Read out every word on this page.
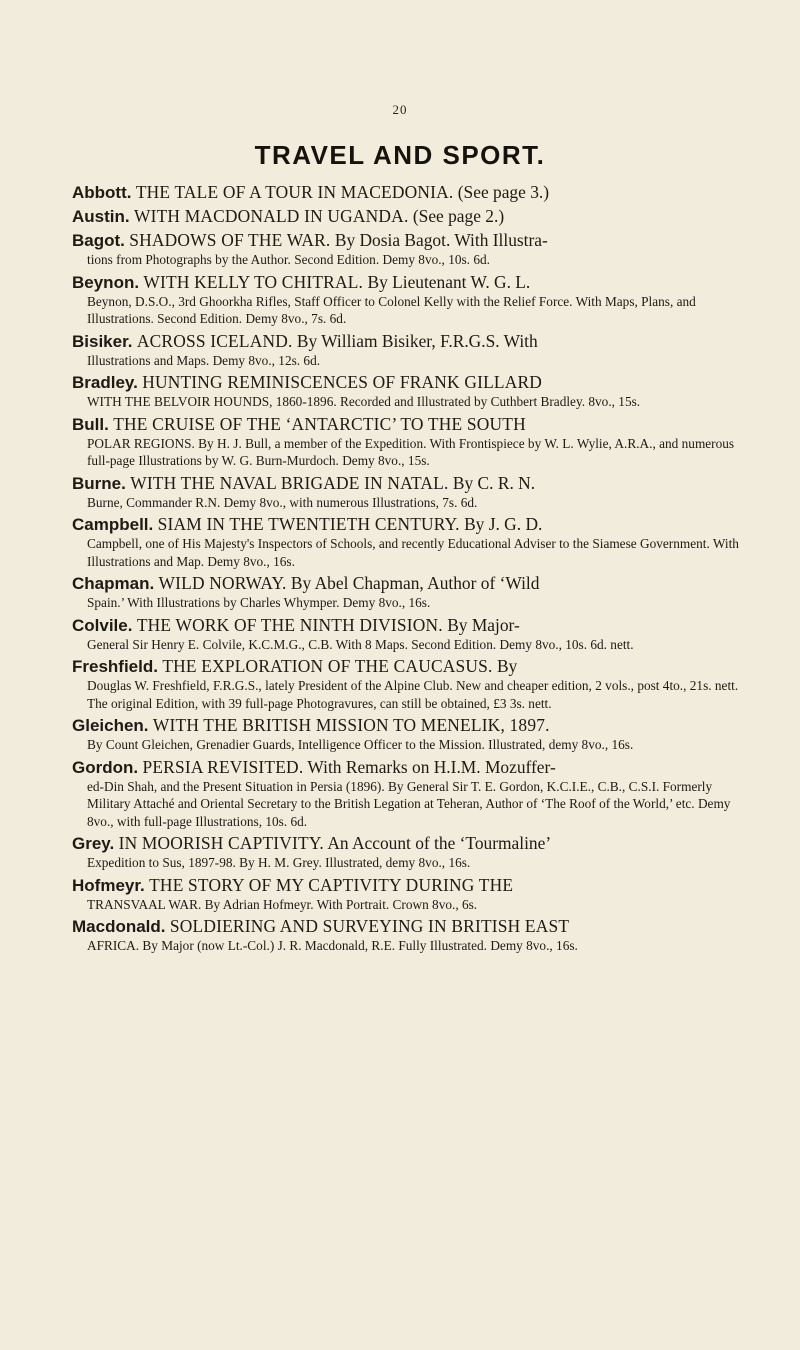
20
TRAVEL AND SPORT.
Abbott. THE TALE OF A TOUR IN MACEDONIA. (See page 3.)
Austin. WITH MACDONALD IN UGANDA. (See page 2.)
Bagot. SHADOWS OF THE WAR. By Dosia Bagot. With Illustra-
tions from Photographs by the Author. Second Edition. Demy 8vo., 10s. 6d.
Beynon. WITH KELLY TO CHITRAL. By Lieutenant W. G. L.
Beynon, D.S.O., 3rd Ghoorkha Rifles, Staff Officer to Colonel Kelly with the Relief Force. With Maps, Plans, and Illustrations. Second Edition. Demy 8vo., 7s. 6d.
Bisiker. ACROSS ICELAND. By William Bisiker, F.R.G.S. With
Illustrations and Maps. Demy 8vo., 12s. 6d.
Bradley. HUNTING REMINISCENCES OF FRANK GILLARD
WITH THE BELVOIR HOUNDS, 1860-1896. Recorded and Illustrated by Cuthbert Bradley. 8vo., 15s.
Bull. THE CRUISE OF THE ‘ANTARCTIC’ TO THE SOUTH
POLAR REGIONS. By H. J. Bull, a member of the Expedition. With Frontispiece by W. L. Wylie, A.R.A., and numerous full-page Illustrations by W. G. Burn-Murdoch. Demy 8vo., 15s.
Burne. WITH THE NAVAL BRIGADE IN NATAL. By C. R. N.
Burne, Commander R.N. Demy 8vo., with numerous Illustrations, 7s. 6d.
Campbell. SIAM IN THE TWENTIETH CENTURY. By J. G. D.
Campbell, one of His Majesty's Inspectors of Schools, and recently Educational Adviser to the Siamese Government. With Illustrations and Map. Demy 8vo., 16s.
Chapman. WILD NORWAY. By Abel Chapman, Author of ‘Wild
Spain.’ With Illustrations by Charles Whymper. Demy 8vo., 16s.
Colvile. THE WORK OF THE NINTH DIVISION. By Major-
General Sir Henry E. Colvile, K.C.M.G., C.B. With 8 Maps. Second Edition. Demy 8vo., 10s. 6d. nett.
Freshfield. THE EXPLORATION OF THE CAUCASUS. By
Douglas W. Freshfield, F.R.G.S., lately President of the Alpine Club. New and cheaper edition, 2 vols., post 4to., 21s. nett. The original Edition, with 39 full-page Photogravures, can still be obtained, £3 3s. nett.
Gleichen. WITH THE BRITISH MISSION TO MENELIK, 1897.
By Count Gleichen, Grenadier Guards, Intelligence Officer to the Mission. Illustrated, demy 8vo., 16s.
Gordon. PERSIA REVISITED. With Remarks on H.I.M. Mozuffer-
ed-Din Shah, and the Present Situation in Persia (1896). By General Sir T. E. Gordon, K.C.I.E., C.B., C.S.I. Formerly Military Attaché and Oriental Secretary to the British Legation at Teheran, Author of ‘The Roof of the World,’ etc. Demy 8vo., with full-page Illustrations, 10s. 6d.
Grey. IN MOORISH CAPTIVITY. An Account of the ‘Tourmaline’
Expedition to Sus, 1897-98. By H. M. Grey. Illustrated, demy 8vo., 16s.
Hofmeyr. THE STORY OF MY CAPTIVITY DURING THE
TRANSVAAL WAR. By Adrian Hofmeyr. With Portrait. Crown 8vo., 6s.
Macdonald. SOLDIERING AND SURVEYING IN BRITISH EAST
AFRICA. By Major (now Lt.-Col.) J. R. Macdonald, R.E. Fully Illustrated. Demy 8vo., 16s.
